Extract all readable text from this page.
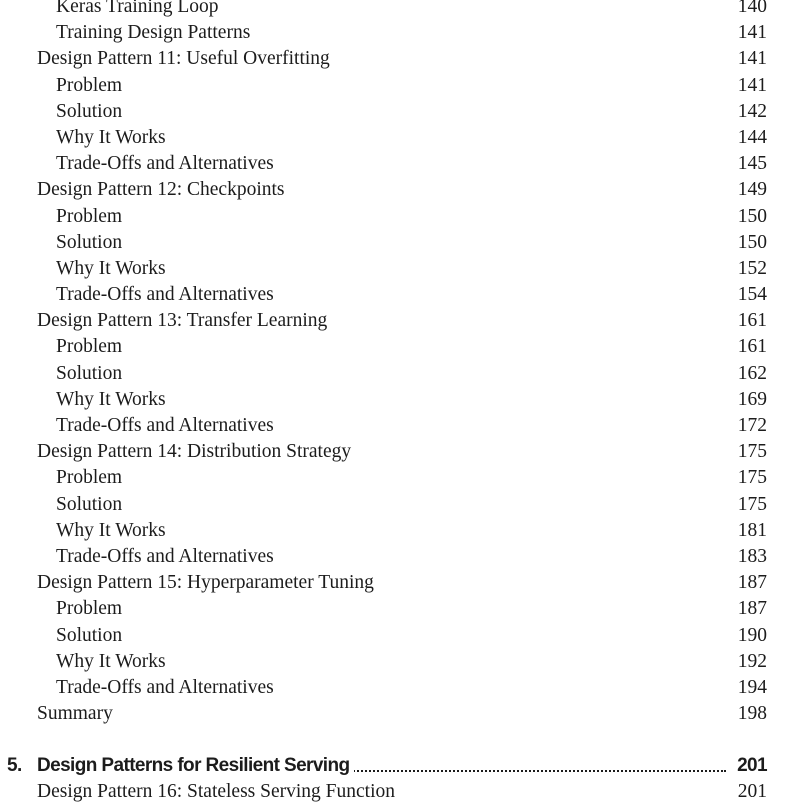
Keras Training Loop	140
Training Design Patterns	141
Design Pattern 11: Useful Overfitting	141
Problem	141
Solution	142
Why It Works	144
Trade-Offs and Alternatives	145
Design Pattern 12: Checkpoints	149
Problem	150
Solution	150
Why It Works	152
Trade-Offs and Alternatives	154
Design Pattern 13: Transfer Learning	161
Problem	161
Solution	162
Why It Works	169
Trade-Offs and Alternatives	172
Design Pattern 14: Distribution Strategy	175
Problem	175
Solution	175
Why It Works	181
Trade-Offs and Alternatives	183
Design Pattern 15: Hyperparameter Tuning	187
Problem	187
Solution	190
Why It Works	192
Trade-Offs and Alternatives	194
Summary	198
5. Design Patterns for Resilient Serving	201
Design Pattern 16: Stateless Serving Function	201
